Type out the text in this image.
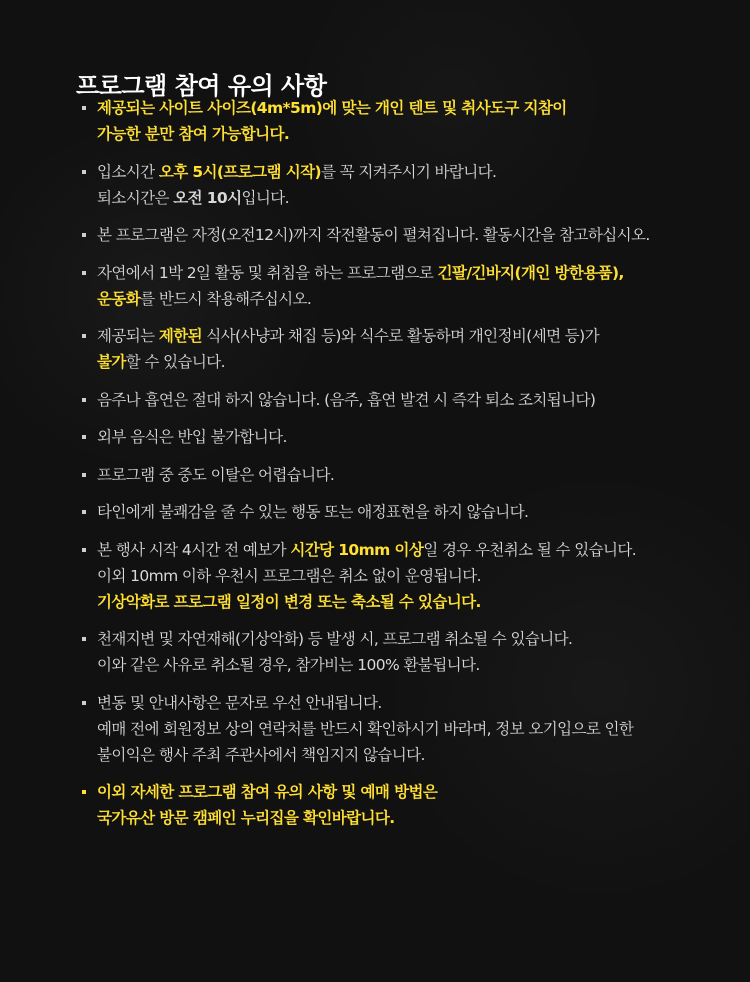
프로그램 참여 유의 사항
제공되는 사이트 사이즈(4m*5m)에 맞는 개인 텐트 및 취사도구 지참이
가능한 분만 참여 가능합니다.
입소시간 오후 5시(프로그램 시작)를 꼭 지켜주시기 바랍니다.
퇴소시간은 오전 10시입니다.
본 프로그램은 자정(오전12시)까지 작전활동이 펼쳐집니다. 활동시간을 참고하십시오.
자연에서 1박 2일 활동 및 취침을 하는 프로그램으로 긴팔/긴바지(개인 방한용품),
운동화를 반드시 착용해주십시오.
제공되는 제한된 식사(사냥과 채집 등)와 식수로 활동하며 개인정비(세면 등)가
불가할 수 있습니다.
음주나 흡연은 절대 하지 않습니다. (음주, 흡연 발견 시 즉각 퇴소 조치됩니다)
외부 음식은 반입 불가합니다.
프로그램 중 중도 이탈은 어렵습니다.
타인에게 불쾌감을 줄 수 있는 행동 또는 애정표현을 하지 않습니다.
본 행사 시작 4시간 전 예보가 시간당 10mm 이상일 경우 우천취소 될 수 있습니다.
이외 10mm 이하 우천시 프로그램은 취소 없이 운영됩니다.
기상악화로 프로그램 일정이 변경 또는 축소될 수 있습니다.
천재지변 및 자연재해(기상악화) 등 발생 시, 프로그램 취소될 수 있습니다.
이와 같은 사유로 취소될 경우, 참가비는 100% 환불됩니다.
변동 및 안내사항은 문자로 우선 안내됩니다.
예매 전에 회원정보 상의 연락처를 반드시 확인하시기 바라며, 정보 오기입으로 인한
불이익은 행사 주최 주관사에서 책임지지 않습니다.
이외 자세한 프로그램 참여 유의 사항 및 예매 방법은
국가유산 방문 캠페인 누리집을 확인바랍니다.
